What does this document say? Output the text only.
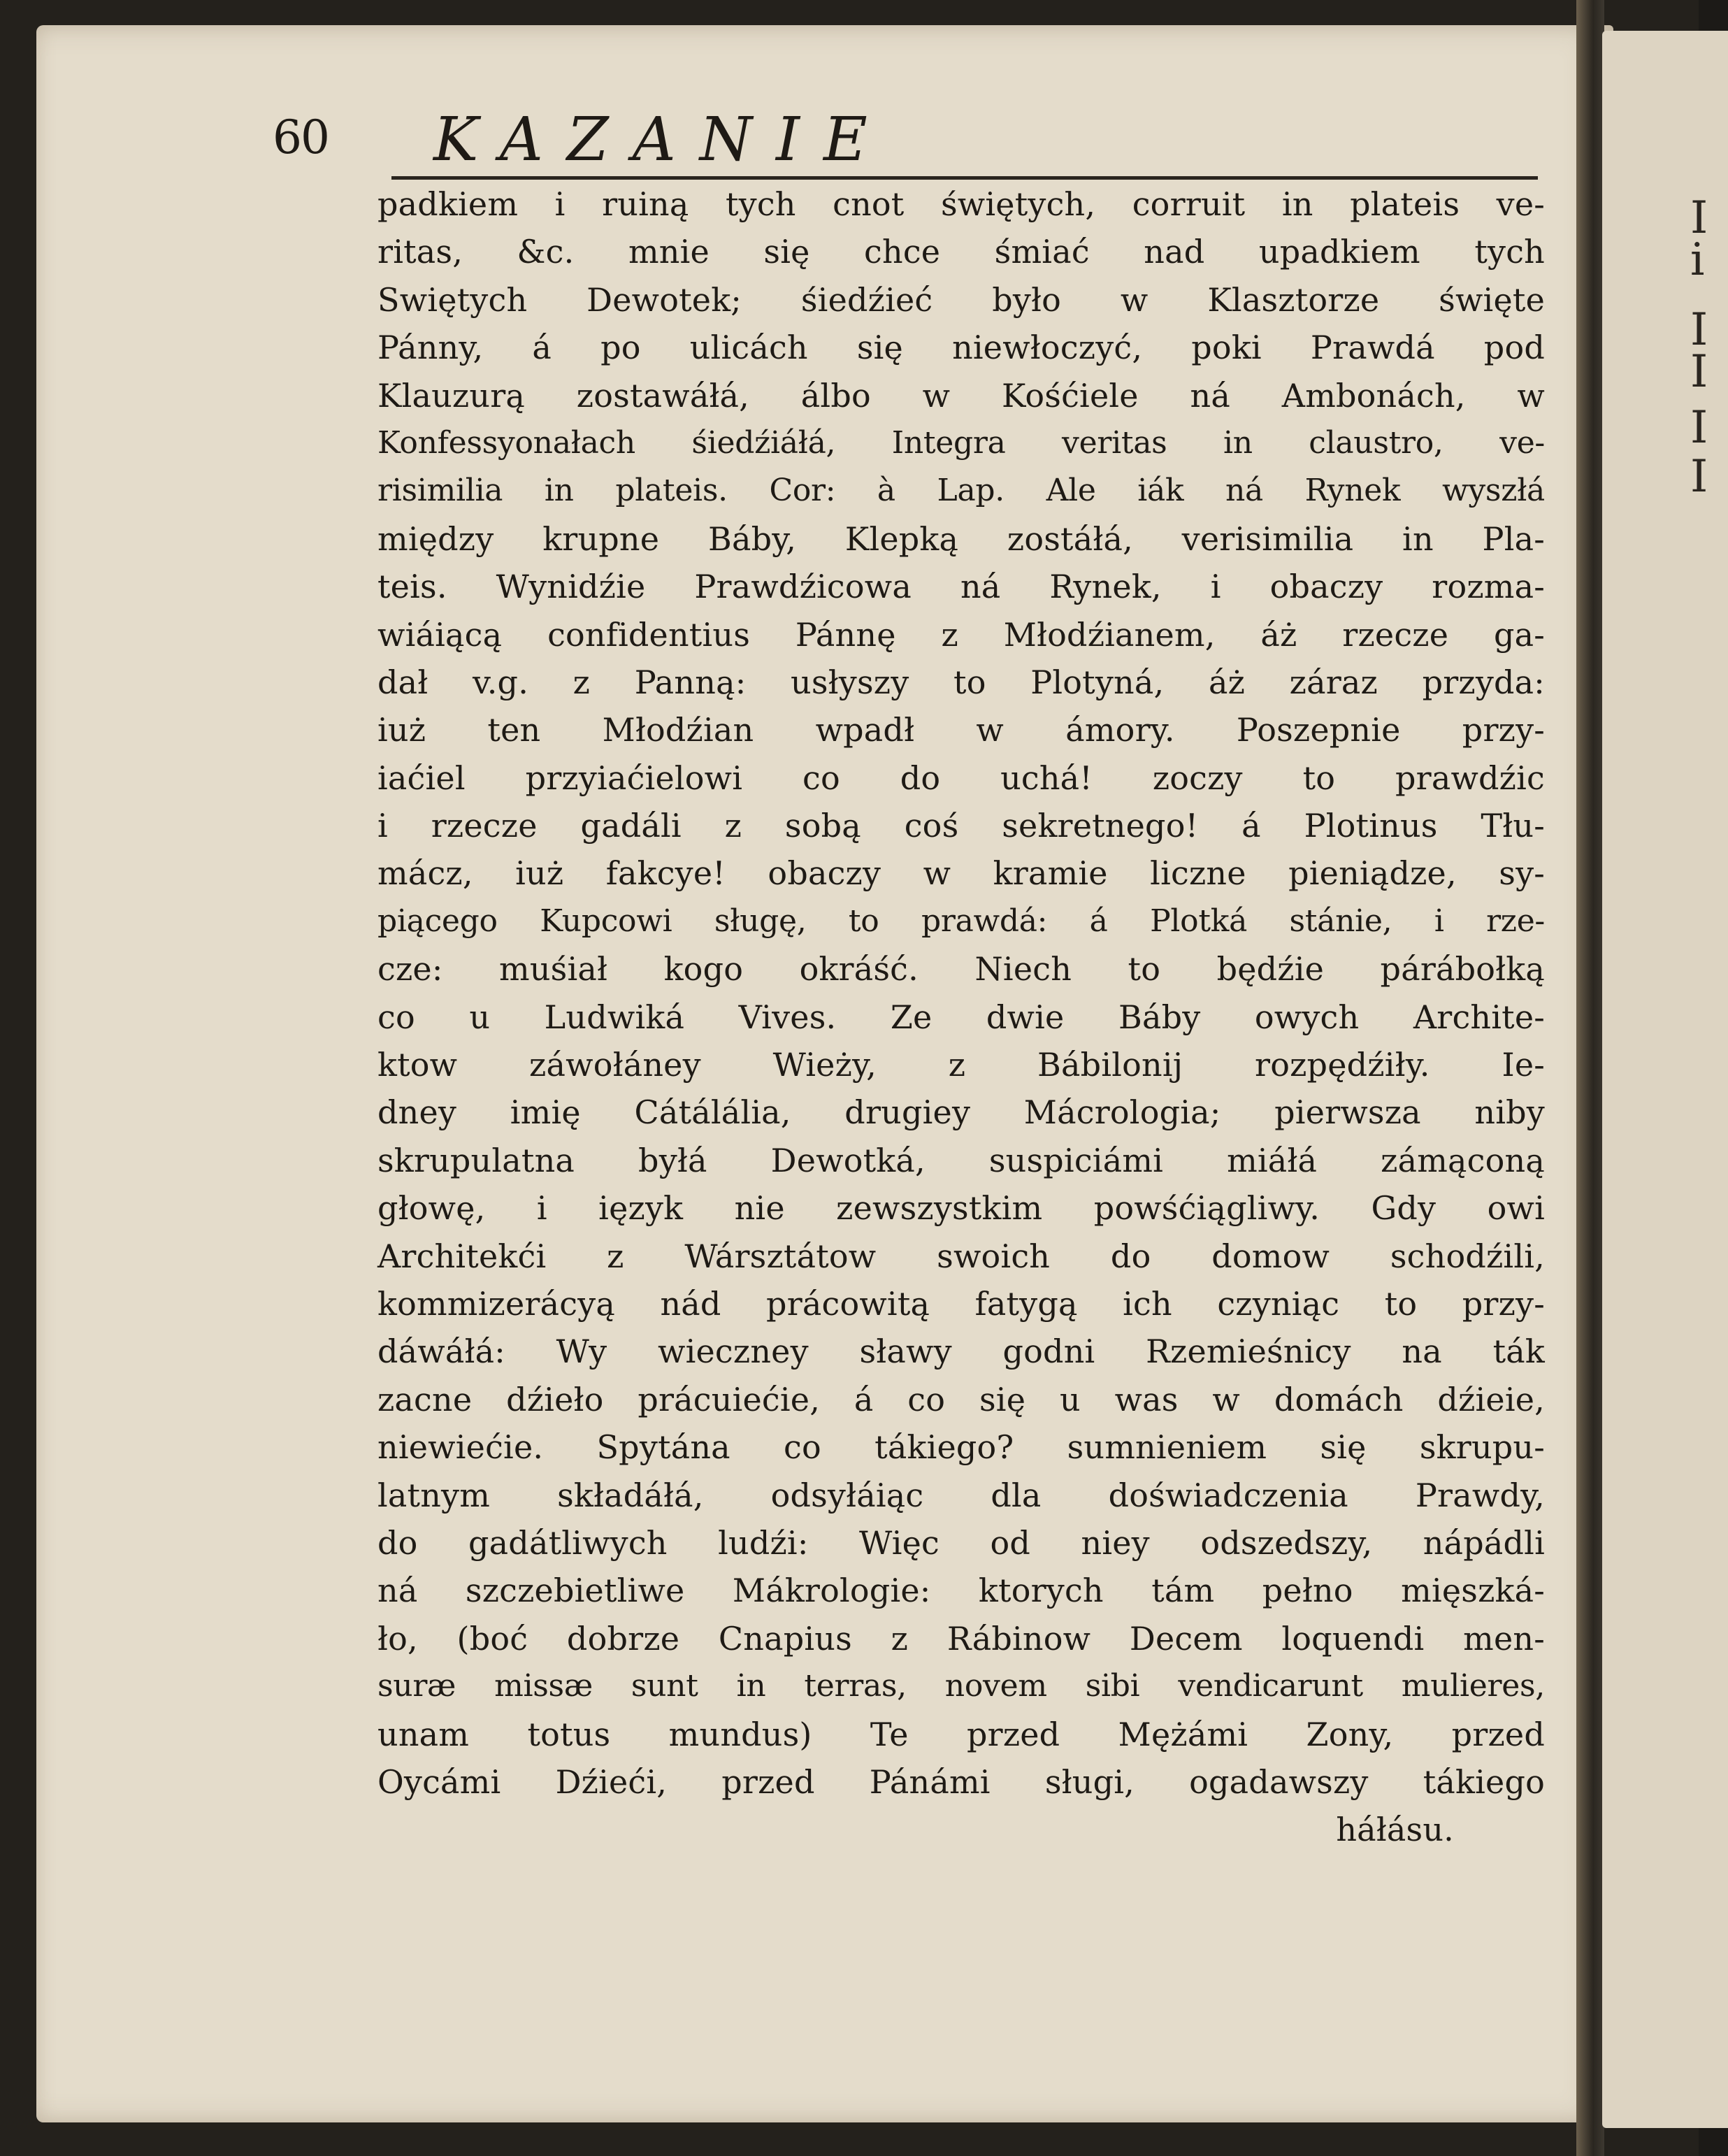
I
i
I
I
I
I
60 KAZANIE
padkiem i ruiną tych cnot świętych, corruit in plateis ve-
ritas, &c. mnie się chce śmiać nad upadkiem tych
Swiętych Dewotek; śiedźieć było w Klasztorze święte
Pánny, á po ulicách się niewłoczyć, poki Prawdá pod
Klauzurą zostawáłá, álbo w Kośćiele ná Ambonách, w
Konfessyonałach śiedźiáłá, Integra veritas in claustro, ve-
risimilia in plateis. Cor: à Lap. Ale iák ná Rynek wyszłá
między krupne Báby, Klepką zostáłá, verisimilia in Pla-
teis. Wynidźie Prawdźicowa ná Rynek, i obaczy rozma-
wiáiącą confidentius Pánnę z Młodźianem, áż rzecze ga-
dał v.g. z Panną: usłyszy to Plotyná, áż záraz przyda:
iuż ten Młodźian wpadł w ámory. Poszepnie przy-
iaćiel przyiaćielowi co do uchá! zoczy to prawdźic
i rzecze gadáli z sobą coś sekretnego! á Plotinus Tłu-
mácz, iuż fakcye! obaczy w kramie liczne pieniądze, sy-
piącego Kupcowi sługę, to prawdá: á Plotká stánie, i rze-
cze: muśiał kogo okráść. Niech to będźie párábołką
co u Ludwiká Vives. Ze dwie Báby owych Archite-
ktow záwołáney Wieży, z Bábilonij rozpędźiły. Ie-
dney imię Cátálália, drugiey Mácrologia; pierwsza niby
skrupulatna byłá Dewotká, suspiciámi miáłá zámąconą
głowę, i ięzyk nie zewszystkim powśćiągliwy. Gdy owi
Architekći z Wársztátow swoich do domow schodźili,
kommizerácyą nád prácowitą fatygą ich czyniąc to przy-
dáwáłá: Wy wieczney sławy godni Rzemieśnicy na ták
zacne dźieło prácuiećie, á co się u was w domách dźieie,
niewiećie. Spytána co tákiego? sumnieniem się skrupu-
latnym składáłá, odsyłáiąc dla doświadczenia Prawdy,
do gadátliwych ludźi: Więc od niey odszedszy, nápádli
ná szczebietliwe Mákrologie: ktorych tám pełno mięszká-
ło, (boć dobrze Cnapius z Rábinow Decem loquendi men-
suræ missæ sunt in terras, novem sibi vendicarunt mulieres,
unam totus mundus) Te przed Mężámi Zony, przed
Oycámi Dźieći, przed Pánámi sługi, ogadawszy tákiego
háłásu.
